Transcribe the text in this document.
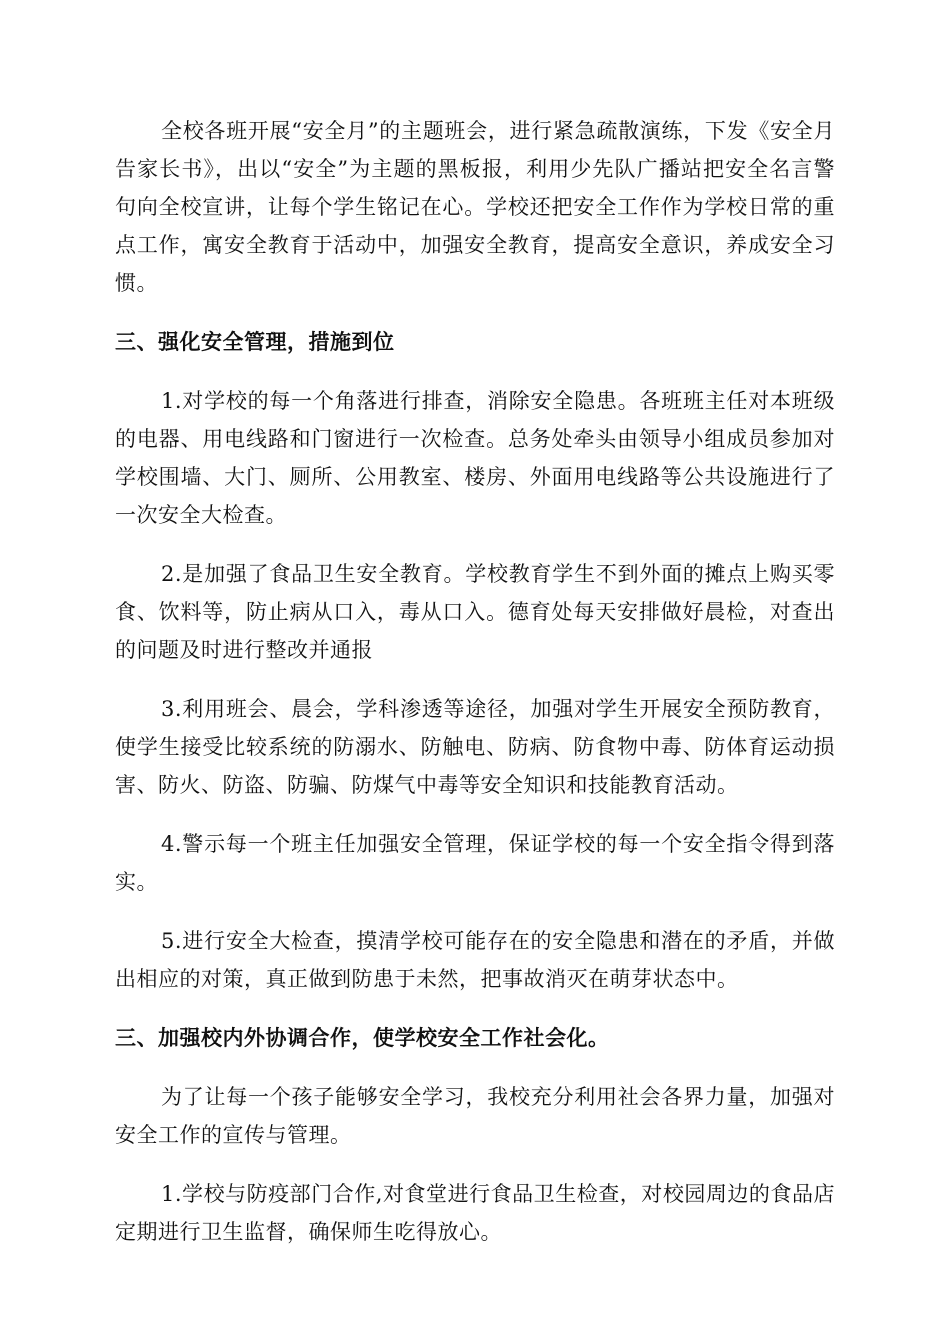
全校各班开展“安全月”的主题班会，进行紧急疏散演练，下发《安全月告家长书》，出以“安全”为主题的黑板报，利用少先队广播站把安全名言警句向全校宣讲，让每个学生铭记在心。学校还把安全工作作为学校日常的重点工作，寓安全教育于活动中，加强安全教育，提高安全意识，养成安全习惯。

三、强化安全管理，措施到位

1.对学校的每一个角落进行排查，消除安全隐患。各班班主任对本班级的电器、用电线路和门窗进行一次检查。总务处牵头由领导小组成员参加对学校围墙、大门、厕所、公用教室、楼房、外面用电线路等公共设施进行了一次安全大检查。

2.是加强了食品卫生安全教育。学校教育学生不到外面的摊点上购买零食、饮料等，防止病从口入，毒从口入。德育处每天安排做好晨检，对查出的问题及时进行整改并通报

3.利用班会、晨会，学科渗透等途径，加强对学生开展安全预防教育，使学生接受比较系统的防溺水、防触电、防病、防食物中毒、防体育运动损害、防火、防盗、防骗、防煤气中毒等安全知识和技能教育活动。

4.警示每一个班主任加强安全管理，保证学校的每一个安全指令得到落实。

5.进行安全大检查，摸清学校可能存在的安全隐患和潜在的矛盾，并做出相应的对策，真正做到防患于未然，把事故消灭在萌芽状态中。

三、加强校内外协调合作，使学校安全工作社会化。

为了让每一个孩子能够安全学习，我校充分利用社会各界力量，加强对安全工作的宣传与管理。

1.学校与防疫部门合作,对食堂进行食品卫生检查，对校园周边的食品店定期进行卫生监督，确保师生吃得放心。
